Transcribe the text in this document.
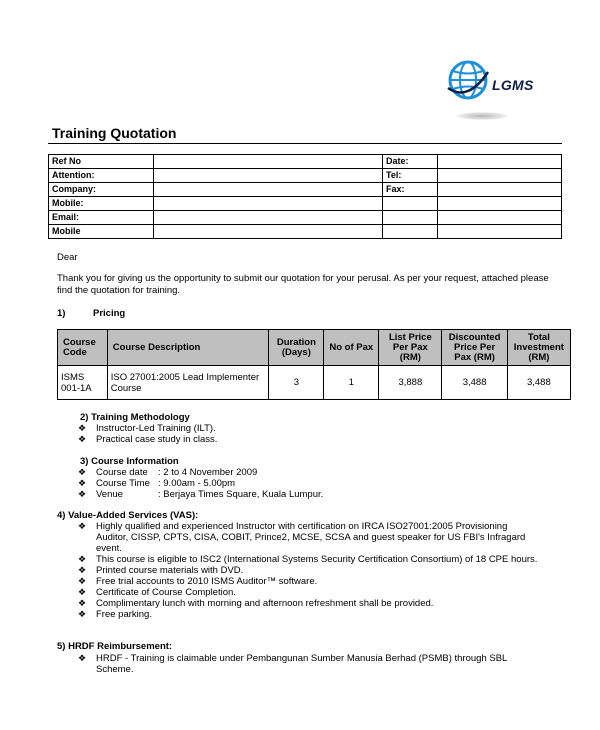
LGMS
Training Quotation
Ref No		Date:	
Attention:		Tel:	
Company:		Fax:	
Mobile:			
Email:			
Mobile			
Dear
Thank you for giving us the opportunity to submit our quotation for your perusal. As per your request, attached please find the quotation for training.
1)	Pricing
Course Code	Course Description	Duration (Days)	No of Pax	List Price Per Pax (RM)	Discounted Price Per Pax (RM)	Total Investment (RM)
ISMS 001-1A	ISO 27001:2005 Lead Implementer Course	3	1	3,888	3,488	3,488
2) Training Methodology
❖ Instructor-Led Training (ILT).
❖ Practical case study in class.
3) Course Information
❖ Course date : 2 to 4 November 2009
❖ Course Time : 9.00am - 5.00pm
❖ Venue	: Berjaya Times Square, Kuala Lumpur.
4) Value-Added Services (VAS):
❖ Highly qualified and experienced Instructor with certification on IRCA ISO27001:2005 Provisioning Auditor, CISSP, CPTS, CISA, COBIT, Prince2, MCSE, SCSA and guest speaker for US FBI's Infragard event.
❖ This course is eligible to ISC2 (International Systems Security Certification Consortium) of 18 CPE hours.
❖ Printed course materials with DVD.
❖ Free trial accounts to 2010 ISMS Auditor™ software.
❖ Certificate of Course Completion.
❖ Complimentary lunch with morning and afternoon refreshment shall be provided.
❖ Free parking.
5) HRDF Reimbursement:
❖ HRDF - Training is claimable under Pembangunan Sumber Manusia Berhad (PSMB) through SBL Scheme.
